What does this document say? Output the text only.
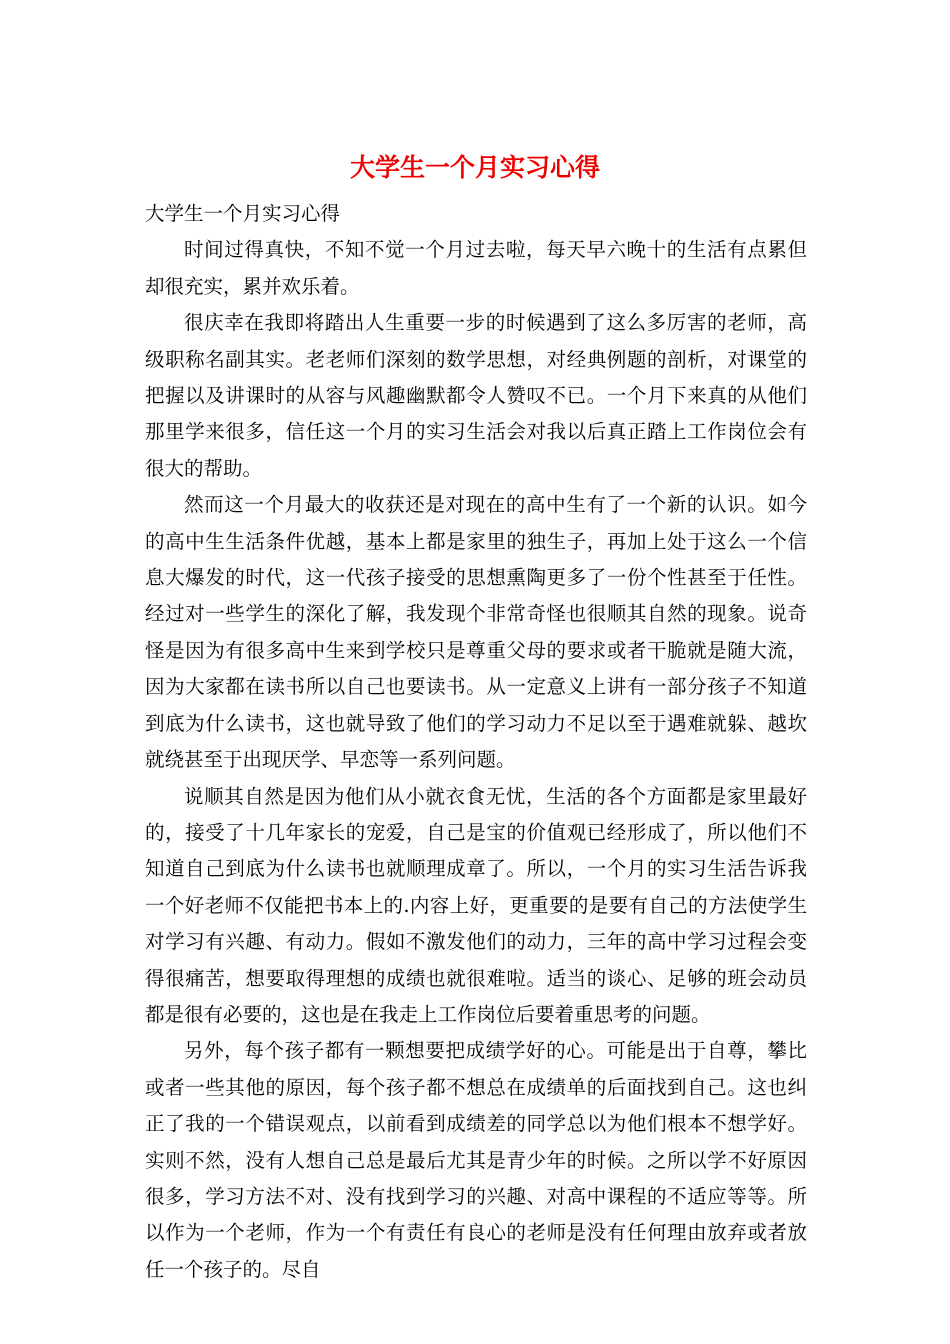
大学生一个月实习心得

大学生一个月实习心得

时间过得真快，不知不觉一个月过去啦，每天早六晚十的生活有点累但却很充实，累并欢乐着。

很庆幸在我即将踏出人生重要一步的时候遇到了这么多厉害的老师，高级职称名副其实。老老师们深刻的数学思想，对经典例题的剖析，对课堂的把握以及讲课时的从容与风趣幽默都令人赞叹不已。一个月下来真的从他们那里学来很多，信任这一个月的实习生活会对我以后真正踏上工作岗位会有很大的帮助。

然而这一个月最大的收获还是对现在的高中生有了一个新的认识。如今的高中生生活条件优越，基本上都是家里的独生子，再加上处于这么一个信息大爆发的时代，这一代孩子接受的思想熏陶更多了一份个性甚至于任性。经过对一些学生的深化了解，我发现个非常奇怪也很顺其自然的现象。说奇怪是因为有很多高中生来到学校只是尊重父母的要求或者干脆就是随大流，因为大家都在读书所以自己也要读书。从一定意义上讲有一部分孩子不知道到底为什么读书，这也就导致了他们的学习动力不足以至于遇难就躲、越坎就绕甚至于出现厌学、早恋等一系列问题。

说顺其自然是因为他们从小就衣食无忧，生活的各个方面都是家里最好的，接受了十几年家长的宠爱，自己是宝的价值观已经形成了，所以他们不知道自己到底为什么读书也就顺理成章了。所以，一个月的实习生活告诉我一个好老师不仅能把书本上的.内容上好，更重要的是要有自己的方法使学生对学习有兴趣、有动力。假如不激发他们的动力，三年的高中学习过程会变得很痛苦，想要取得理想的成绩也就很难啦。适当的谈心、足够的班会动员都是很有必要的，这也是在我走上工作岗位后要着重思考的问题。

另外，每个孩子都有一颗想要把成绩学好的心。可能是出于自尊，攀比或者一些其他的原因，每个孩子都不想总在成绩单的后面找到自己。这也纠正了我的一个错误观点，以前看到成绩差的同学总以为他们根本不想学好。实则不然，没有人想自己总是最后尤其是青少年的时候。之所以学不好原因很多，学习方法不对、没有找到学习的兴趣、对高中课程的不适应等等。所以作为一个老师，作为一个有责任有良心的老师是没有任何理由放弃或者放任一个孩子的。尽自
